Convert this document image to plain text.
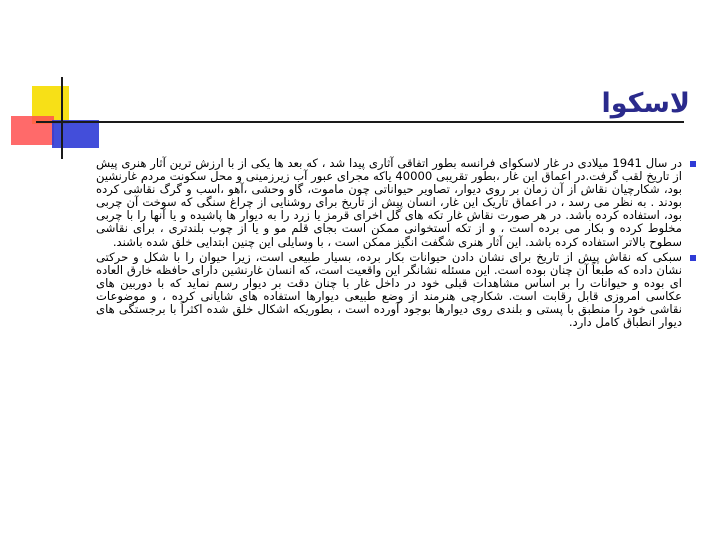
لاسکوا

در سال 1941 میلادی در غار لاسکوای فرانسه بطور اتفاقی آثاری پیدا شد ، که بعد ها یکی از با ارزش ترین آثار هنری پیش از تاریخ لقب گرفت.در اعماق این غار ،بطور تقریبی 40000 یاکه مجرای عبور آب زیرزمینی و محل سکونت مردم غارنشین بود، شکارچیان نقاش از آن زمان بر روی دیوار، تصاویر حیواناتی چون ماموت، گاو وحشی ،آهو ،اسب و گرگ نقاشی کرده بودند . به نظر می رسد ، در اعماق تاریک این غار، انسان پیش از تاریخ برای روشنایی از چراغ سنگی که سوخت آن چربی بود، استفاده کرده باشد. در هر صورت نقاش غار تکه های گل اخرای قرمز یا زرد را به دیوار ها پاشیده و یا آنها را با چربی مخلوط کرده و بکار می برده است ، و از تکه استخوانی ممکن است بجای قلم مو و یا از چوب بلندتری ، برای نقاشی سطوح بالاتر استفاده کرده باشد. این آثار هنری شگفت انگیز ممکن است ، با وسایلی این چنین ابتدایی خلق شده باشند.

سبکی که نقاش پیش از تاریخ برای نشان دادن حیوانات بکار برده، بسیار طبیعی است، زیرا حیوان را با شکل و حرکتی نشان داده که طبعاً آن چنان بوده است. این مسئله نشانگر این واقعیت است، که انسان غارنشین دارای حافظه خارق العاده ای بوده و حیوانات را بر اساس مشاهدات قبلی خود در داخل غار با چنان دقت بر دیوار رسم نماید که با دوربین های عکاسی امروزی قابل رقابت است. شکارچی هنرمند از وضع طبیعی دیوارها استفاده های شایانی کرده ، و موضوعات نقاشی خود را منطبق با پستی و بلندی روی دیوارها بوجود آورده است ، بطوریکه اشکال خلق شده اکثراً با برجستگی های دیوار انطباق کامل دارد.
